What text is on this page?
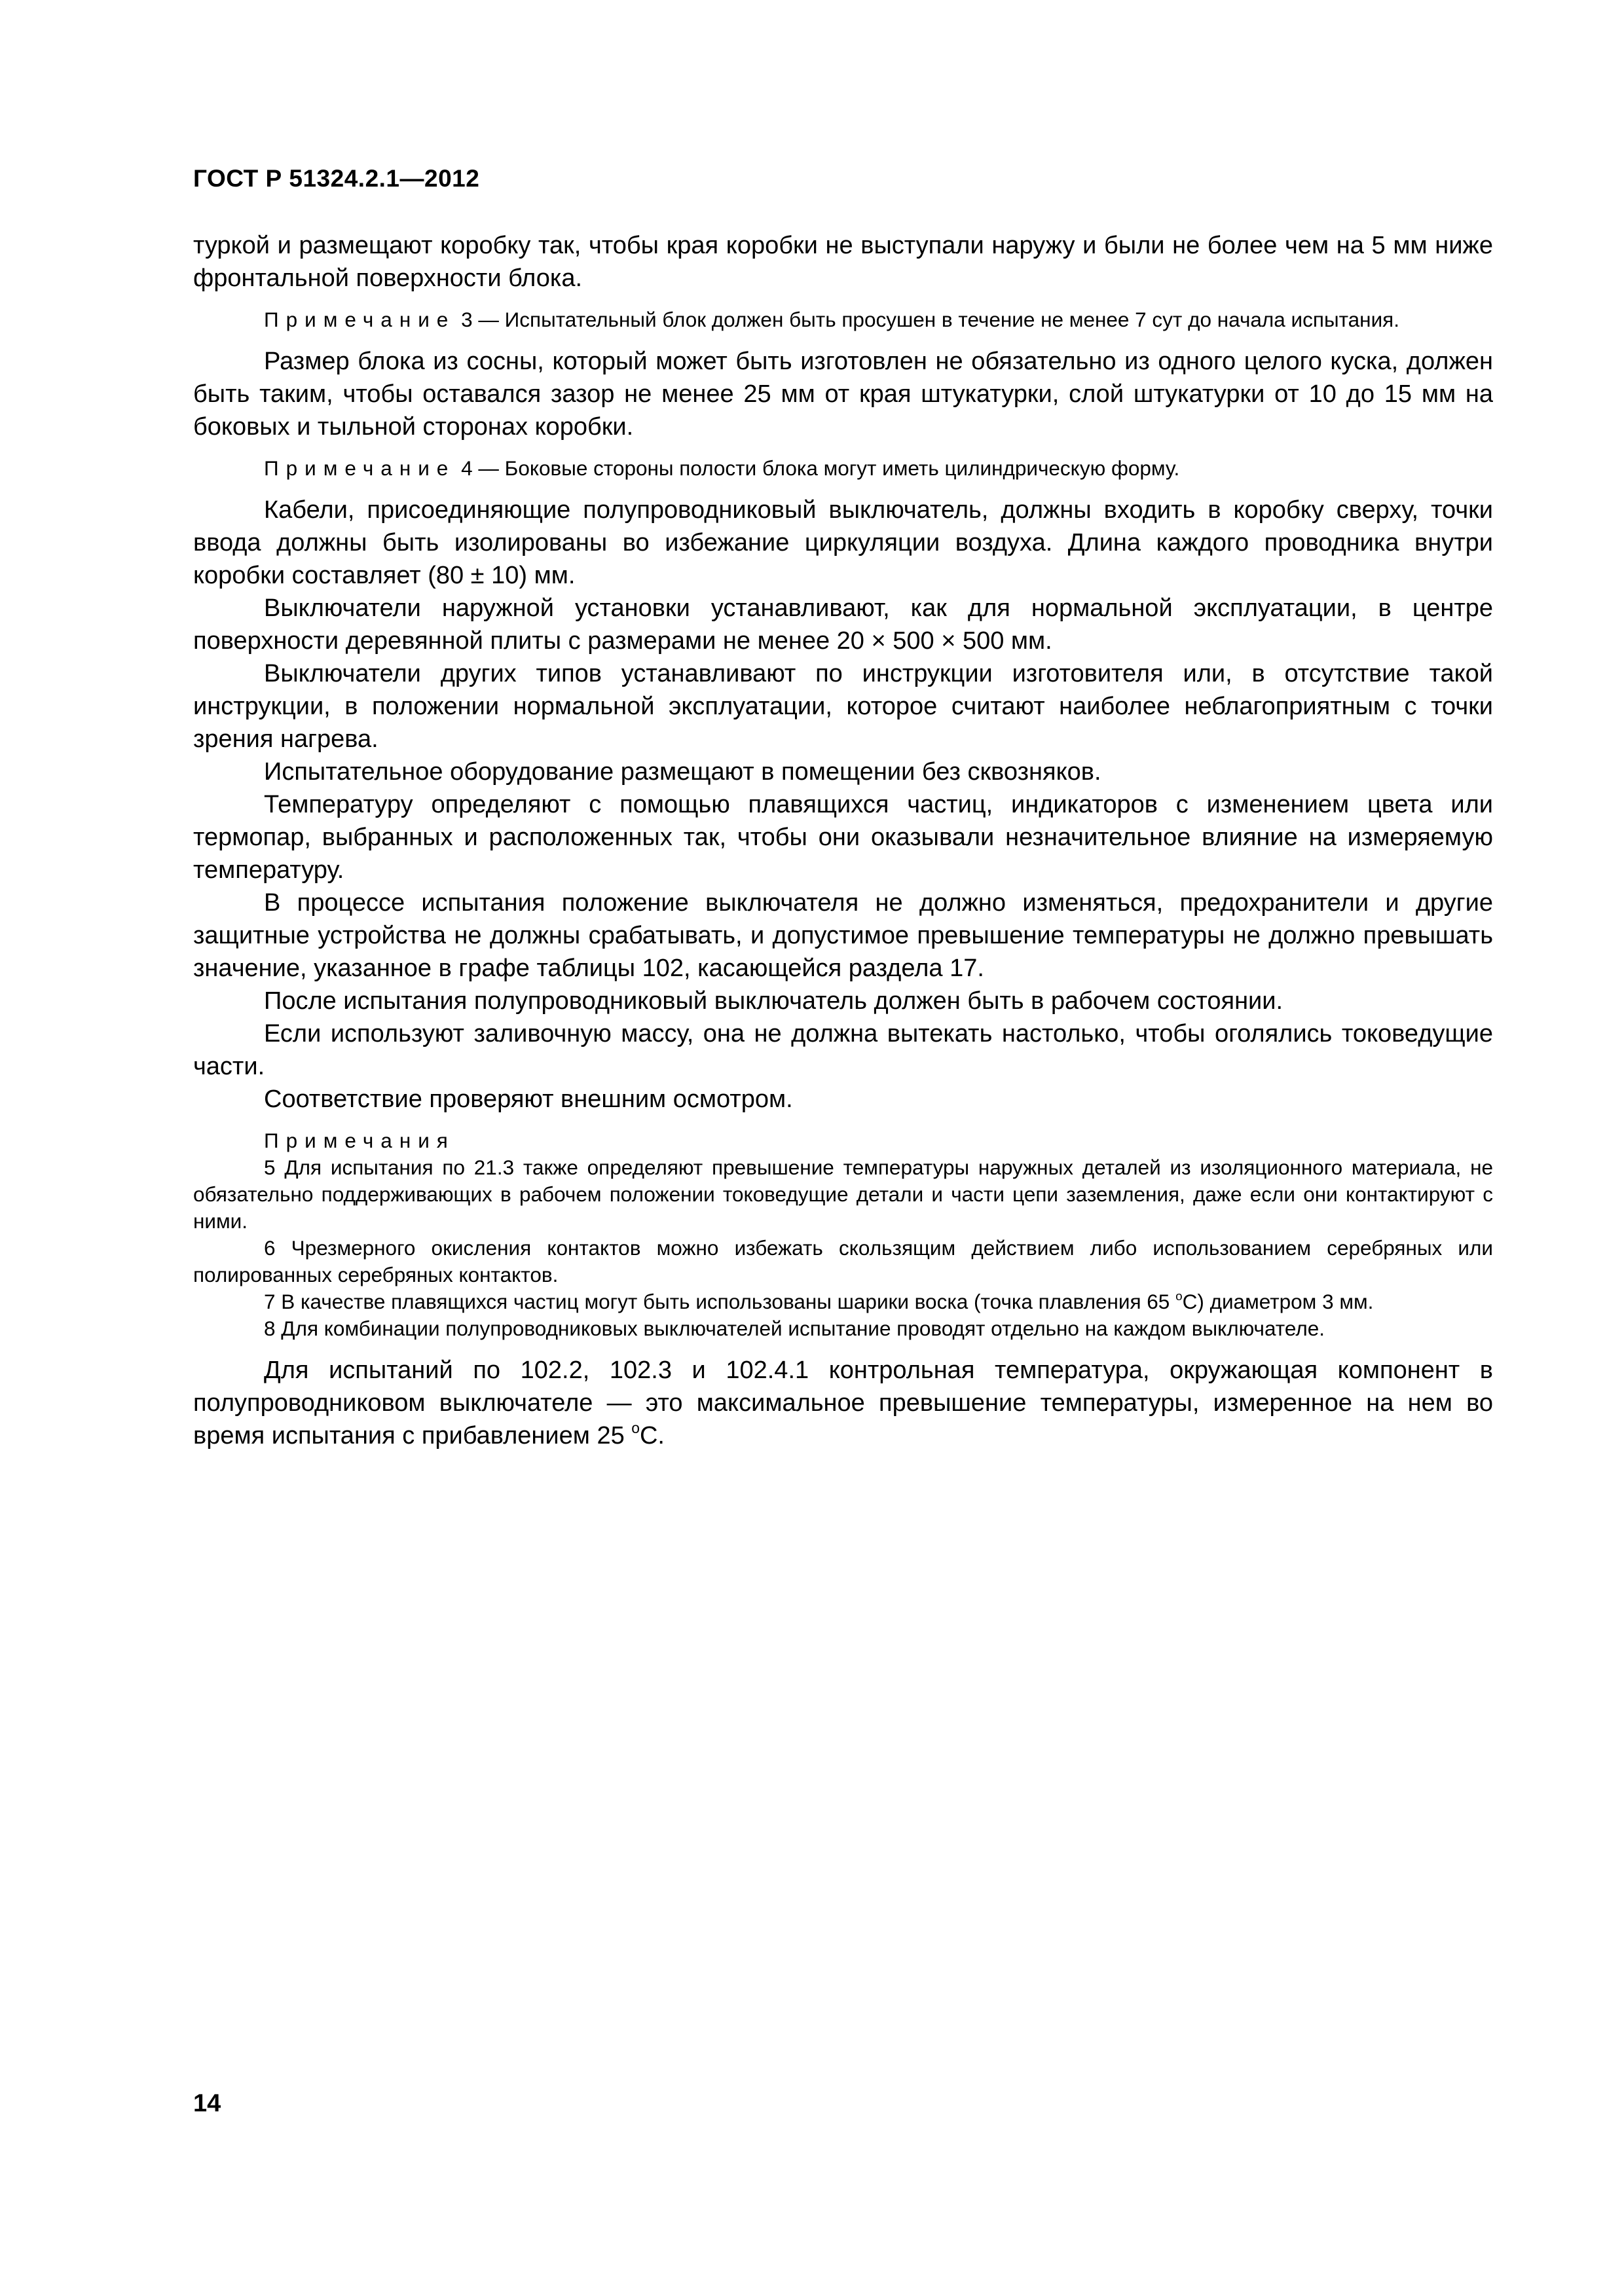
ГОСТ Р 51324.2.1—2012

туркой и размещают коробку так, чтобы края коробки не выступали наружу и были не более чем на 5 мм ниже фронтальной поверхности блока.

Примечание 3 — Испытательный блок должен быть просушен в течение не менее 7 сут до начала испытания.

Размер блока из сосны, который может быть изготовлен не обязательно из одного целого куска, должен быть таким, чтобы оставался зазор не менее 25 мм от края штукатурки, слой штукатурки от 10 до 15 мм на боковых и тыльной сторонах коробки.

Примечание 4 — Боковые стороны полости блока могут иметь цилиндрическую форму.

Кабели, присоединяющие полупроводниковый выключатель, должны входить в коробку сверху, точки ввода должны быть изолированы во избежание циркуляции воздуха. Длина каждого проводника внутри коробки составляет (80 ± 10) мм.

Выключатели наружной установки устанавливают, как для нормальной эксплуатации, в центре поверхности деревянной плиты с размерами не менее 20 × 500 × 500 мм.

Выключатели других типов устанавливают по инструкции изготовителя или, в отсутствие такой инструкции, в положении нормальной эксплуатации, которое считают наиболее неблагоприятным с точки зрения нагрева.

Испытательное оборудование размещают в помещении без сквозняков.

Температуру определяют с помощью плавящихся частиц, индикаторов с изменением цвета или термопар, выбранных и расположенных так, чтобы они оказывали незначительное влияние на измеряемую температуру.

В процессе испытания положение выключателя не должно изменяться, предохранители и другие защитные устройства не должны срабатывать, и допустимое превышение температуры не должно превышать значение, указанное в графе таблицы 102, касающейся раздела 17.

После испытания полупроводниковый выключатель должен быть в рабочем состоянии.

Если используют заливочную массу, она не должна вытекать настолько, чтобы оголялись токоведущие части.

Соответствие проверяют внешним осмотром.

Примечания

5 Для испытания по 21.3 также определяют превышение температуры наружных деталей из изоляционного материала, не обязательно поддерживающих в рабочем положении токоведущие детали и части цепи заземления, даже если они контактируют с ними.

6 Чрезмерного окисления контактов можно избежать скользящим действием либо использованием серебряных или полированных серебряных контактов.

7 В качестве плавящихся частиц могут быть использованы шарики воска (точка плавления 65 $^о$С) диаметром 3 мм.

8 Для комбинации полупроводниковых выключателей испытание проводят отдельно на каждом выключателе.

Для испытаний по 102.2, 102.3 и 102.4.1 контрольная температура, окружающая компонент в полупроводниковом выключателе — это максимальное превышение температуры, измеренное на нем во время испытания с прибавлением 25 $^о$С.

14
